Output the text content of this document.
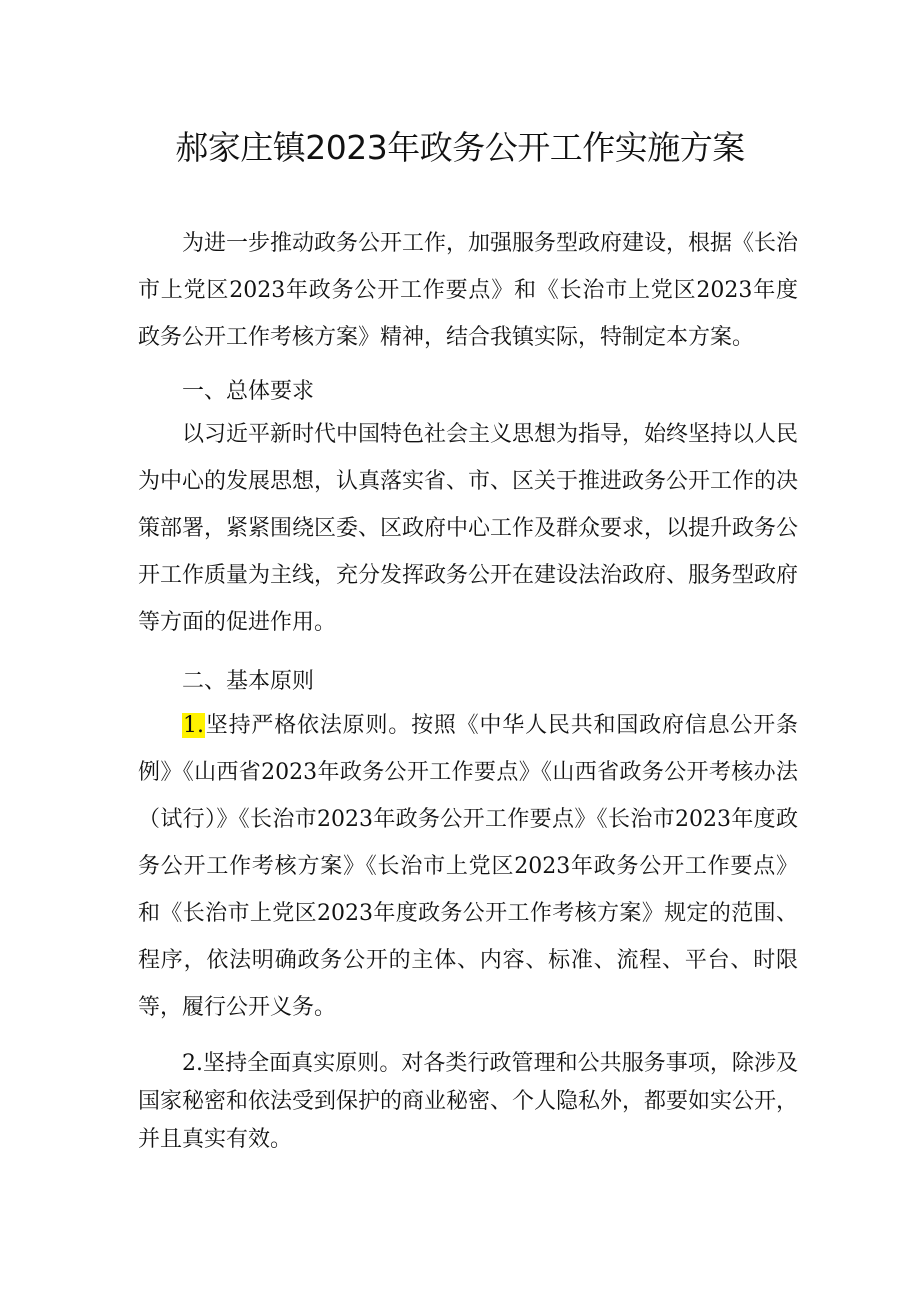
郝家庄镇2023年政务公开工作实施方案

为进一步推动政务公开工作，加强服务型政府建设，根据《长治市上党区2023年政务公开工作要点》和《长治市上党区2023年度政务公开工作考核方案》精神，结合我镇实际，特制定本方案。

一、总体要求

以习近平新时代中国特色社会主义思想为指导，始终坚持以人民为中心的发展思想，认真落实省、市、区关于推进政务公开工作的决策部署，紧紧围绕区委、区政府中心工作及群众要求，以提升政务公开工作质量为主线，充分发挥政务公开在建设法治政府、服务型政府等方面的促进作用。

二、基本原则

1.坚持严格依法原则。按照《中华人民共和国政府信息公开条例》《山西省2023年政务公开工作要点》《山西省政务公开考核办法（试行）》《长治市2023年政务公开工作要点》《长治市2023年度政务公开工作考核方案》《长治市上党区2023年政务公开工作要点》和《长治市上党区2023年度政务公开工作考核方案》规定的范围、程序，依法明确政务公开的主体、内容、标准、流程、平台、时限等，履行公开义务。

2.坚持全面真实原则。对各类行政管理和公共服务事项，除涉及国家秘密和依法受到保护的商业秘密、个人隐私外，都要如实公开，并且真实有效。
